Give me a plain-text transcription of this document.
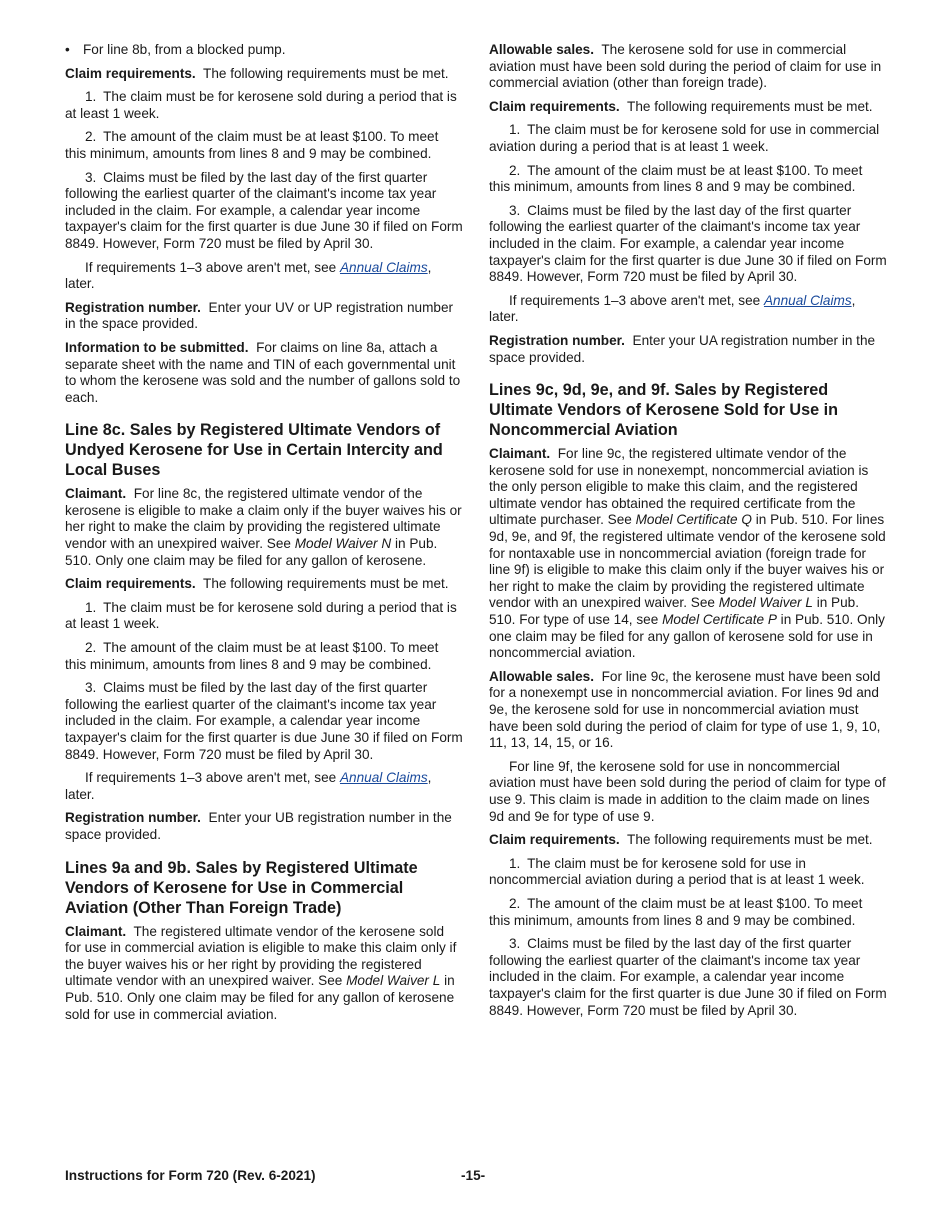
• For line 8b, from a blocked pump.

Claim requirements. The following requirements must be met.

1. The claim must be for kerosene sold during a period that is at least 1 week.

2. The amount of the claim must be at least $100. To meet this minimum, amounts from lines 8 and 9 may be combined.

3. Claims must be filed by the last day of the first quarter following the earliest quarter of the claimant's income tax year included in the claim. For example, a calendar year income taxpayer's claim for the first quarter is due June 30 if filed on Form 8849. However, Form 720 must be filed by April 30.

If requirements 1–3 above aren't met, see Annual Claims, later.

Registration number. Enter your UV or UP registration number in the space provided.

Information to be submitted. For claims on line 8a, attach a separate sheet with the name and TIN of each governmental unit to whom the kerosene was sold and the number of gallons sold to each.

Line 8c. Sales by Registered Ultimate Vendors of Undyed Kerosene for Use in Certain Intercity and Local Buses

Claimant. For line 8c, the registered ultimate vendor of the kerosene is eligible to make a claim only if the buyer waives his or her right to make the claim by providing the registered ultimate vendor with an unexpired waiver. See Model Waiver N in Pub. 510. Only one claim may be filed for any gallon of kerosene.

Claim requirements. The following requirements must be met.

1. The claim must be for kerosene sold during a period that is at least 1 week.

2. The amount of the claim must be at least $100. To meet this minimum, amounts from lines 8 and 9 may be combined.

3. Claims must be filed by the last day of the first quarter following the earliest quarter of the claimant's income tax year included in the claim. For example, a calendar year income taxpayer's claim for the first quarter is due June 30 if filed on Form 8849. However, Form 720 must be filed by April 30.

If requirements 1–3 above aren't met, see Annual Claims, later.

Registration number. Enter your UB registration number in the space provided.

Lines 9a and 9b. Sales by Registered Ultimate Vendors of Kerosene for Use in Commercial Aviation (Other Than Foreign Trade)

Claimant. The registered ultimate vendor of the kerosene sold for use in commercial aviation is eligible to make this claim only if the buyer waives his or her right by providing the registered ultimate vendor with an unexpired waiver. See Model Waiver L in Pub. 510. Only one claim may be filed for any gallon of kerosene sold for use in commercial aviation.

Allowable sales. The kerosene sold for use in commercial aviation must have been sold during the period of claim for use in commercial aviation (other than foreign trade).

Claim requirements. The following requirements must be met.

1. The claim must be for kerosene sold for use in commercial aviation during a period that is at least 1 week.

2. The amount of the claim must be at least $100. To meet this minimum, amounts from lines 8 and 9 may be combined.

3. Claims must be filed by the last day of the first quarter following the earliest quarter of the claimant's income tax year included in the claim. For example, a calendar year income taxpayer's claim for the first quarter is due June 30 if filed on Form 8849. However, Form 720 must be filed by April 30.

If requirements 1–3 above aren't met, see Annual Claims, later.

Registration number. Enter your UA registration number in the space provided.

Lines 9c, 9d, 9e, and 9f. Sales by Registered Ultimate Vendors of Kerosene Sold for Use in Noncommercial Aviation

Claimant. For line 9c, the registered ultimate vendor of the kerosene sold for use in nonexempt, noncommercial aviation is the only person eligible to make this claim, and the registered ultimate vendor has obtained the required certificate from the ultimate purchaser. See Model Certificate Q in Pub. 510. For lines 9d, 9e, and 9f, the registered ultimate vendor of the kerosene sold for nontaxable use in noncommercial aviation (foreign trade for line 9f) is eligible to make this claim only if the buyer waives his or her right to make the claim by providing the registered ultimate vendor with an unexpired waiver. See Model Waiver L in Pub. 510. For type of use 14, see Model Certificate P in Pub. 510. Only one claim may be filed for any gallon of kerosene sold for use in noncommercial aviation.

Allowable sales. For line 9c, the kerosene must have been sold for a nonexempt use in noncommercial aviation. For lines 9d and 9e, the kerosene sold for use in noncommercial aviation must have been sold during the period of claim for type of use 1, 9, 10, 11, 13, 14, 15, or 16.

For line 9f, the kerosene sold for use in noncommercial aviation must have been sold during the period of claim for type of use 9. This claim is made in addition to the claim made on lines 9d and 9e for type of use 9.

Claim requirements. The following requirements must be met.

1. The claim must be for kerosene sold for use in noncommercial aviation during a period that is at least 1 week.

2. The amount of the claim must be at least $100. To meet this minimum, amounts from lines 8 and 9 may be combined.

3. Claims must be filed by the last day of the first quarter following the earliest quarter of the claimant's income tax year included in the claim. For example, a calendar year income taxpayer's claim for the first quarter is due June 30 if filed on Form 8849. However, Form 720 must be filed by April 30.

Instructions for Form 720 (Rev. 6-2021)	-15-
